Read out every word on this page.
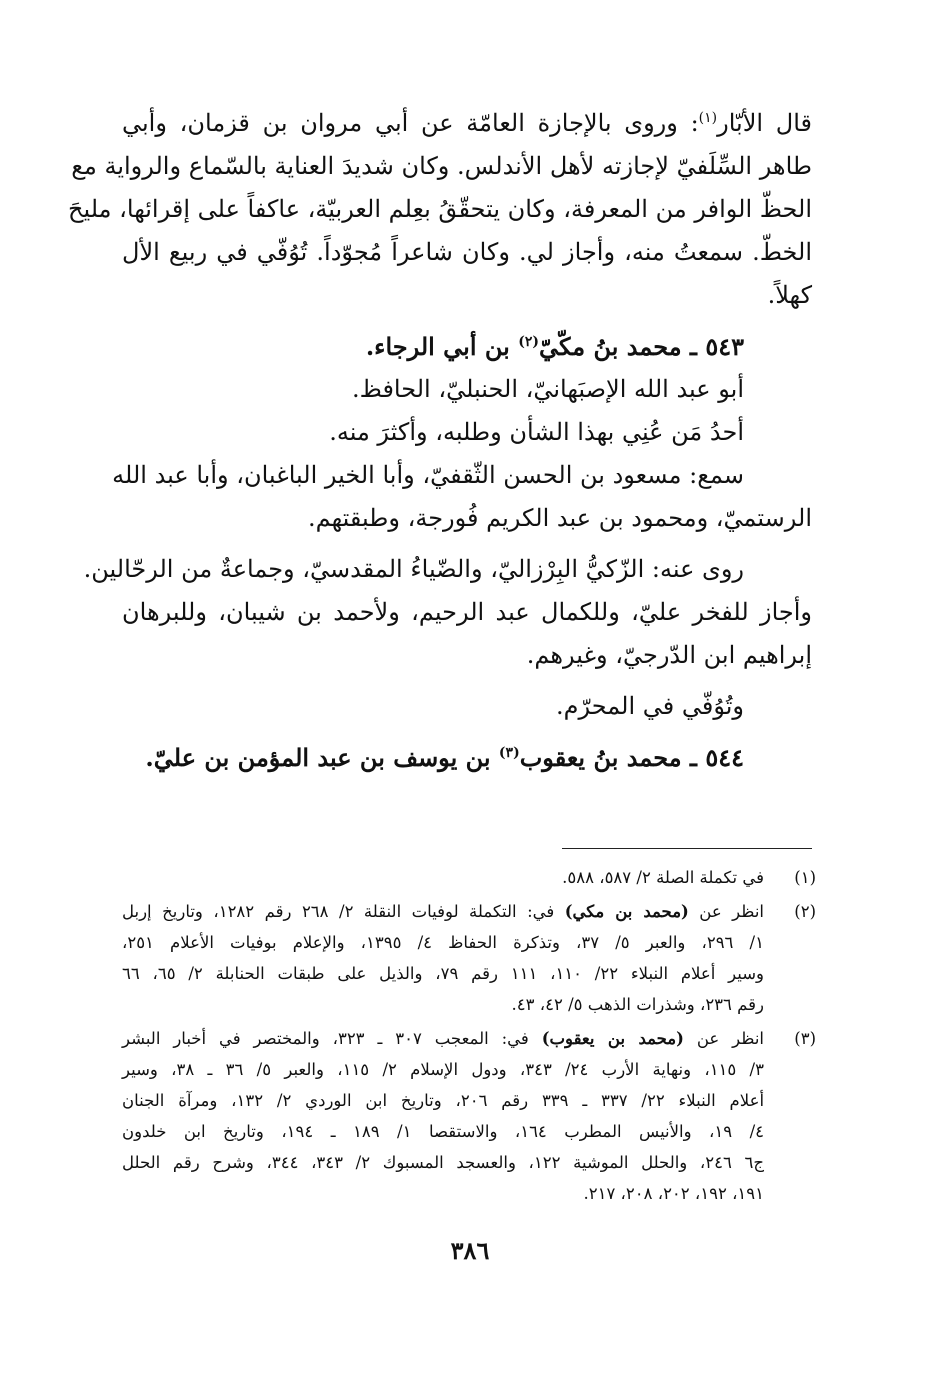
قال الأبّار$^{(١)}$: وروى بالإجازة العامّة عن أبي مروان بن قزمان، وأبي
طاهر السِّلَفيّ لإجازته لأهل الأندلس. وكان شديدَ العناية بالسّماع والرواية مع
الحظّ الوافر من المعرفة، وكان يتحقّقُ بعِلم العربيّة، عاكفاً على إقرائها، مليحَ
الخطّ. سمعتُ منه، وأجاز لي. وكان شاعراً مُجوّداً. تُوُفّي في ربيع الأل
كهلاً.
٥٤٣ ـ محمد بنُ مكّيّ$^{(٢)}$ بن أبي الرجاء.
أبو عبد الله الإصبَهانيّ، الحنبليّ، الحافظ.
أحدُ مَن عُنِي بهذا الشأن وطلبه، وأكثرَ منه.
سمع: مسعود بن الحسن الثّقفيّ، وأبا الخير الباغبان، وأبا عبد الله
الرستميّ، ومحمود بن عبد الكريم فُورجة، وطبقتهم.
روى عنه: الزّكيُّ البِرْزاليّ، والضّياءُ المقدسيّ، وجماعةٌ من الرحّالين.
وأجاز للفخر عليّ، وللكمال عبد الرحيم، ولأحمد بن شيبان، وللبرهان
إبراهيم ابن الدّرجيّ، وغيرهم.
وتُوُفّي في المحرّم.
٥٤٤ ـ محمد بنُ يعقوب$^{(٣)}$ بن يوسف بن عبد المؤمن بن عليّ.
(١)
في تكملة الصلة ٢/ ٥٨٧، ٥٨٨.
(٢)
انظر عن (محمد بن مكي) في: التكملة لوفيات النقلة ٢/ ٢٦٨ رقم ١٢٨٢، وتاريخ إربل
١/ ٢٩٦، والعبر ٥/ ٣٧، وتذكرة الحفاظ ٤/ ١٣٩٥، والإعلام بوفيات الأعلام ٢٥١،
وسير أعلام النبلاء ٢٢/ ١١٠، ١١١ رقم ٧٩، والذيل على طبقات الحنابلة ٢/ ٦٥، ٦٦
رقم ٢٣٦، وشذرات الذهب ٥/ ٤٢، ٤٣.
(٣)
انظر عن (محمد بن يعقوب) في: المعجب ٣٠٧ ـ ٣٢٣، والمختصر في أخبار البشر
٣/ ١١٥، ونهاية الأرب ٢٤/ ٣٤٣، ودول الإسلام ٢/ ١١٥، والعبر ٥/ ٣٦ ـ ٣٨، وسير
أعلام النبلاء ٢٢/ ٣٣٧ ـ ٣٣٩ رقم ٢٠٦، وتاريخ ابن الوردي ٢/ ١٣٢، ومرآة الجنان
٤/ ١٩، والأنيس المطرب ١٦٤، والاستقصا ١/ ١٨٩ ـ ١٩٤، وتاريخ ابن خلدون
ج٦ ٢٤٦، والحلل الموشية ١٢٢، والعسجد المسبوك ٢/ ٣٤٣، ٣٤٤، وشرح رقم الحلل
١٩١، ١٩٢، ٢٠٢، ٢٠٨، ٢١٧.
٣٨٦
